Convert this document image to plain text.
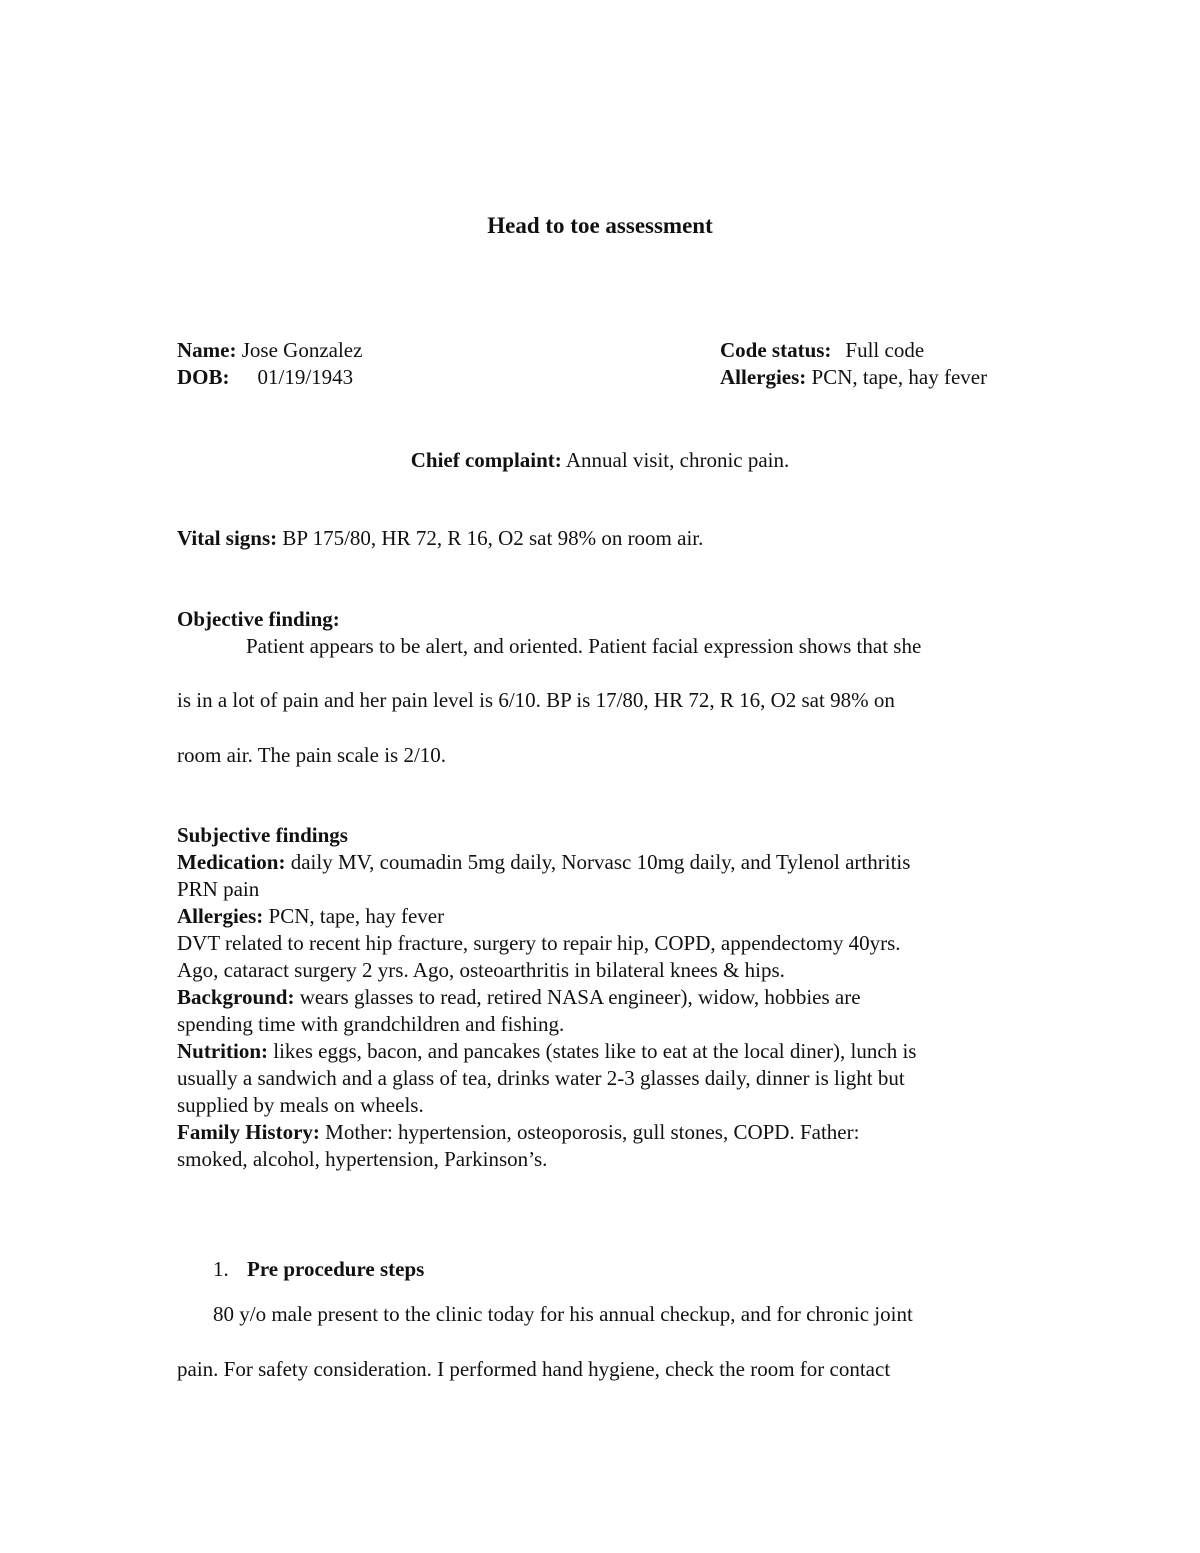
Head to toe assessment
Name: Jose Gonzalez
DOB: 01/19/1943
Code status: Full code
Allergies: PCN, tape, hay fever
Chief complaint: Annual visit, chronic pain.
Vital signs: BP 175/80, HR 72, R 16, O2 sat 98% on room air.
Objective finding:
Patient appears to be alert, and oriented. Patient facial expression shows that she
is in a lot of pain and her pain level is 6/10. BP is 17/80, HR 72, R 16, O2 sat 98% on
room air. The pain scale is 2/10.
Subjective findings
Medication: daily MV, coumadin 5mg daily, Norvasc 10mg daily, and Tylenol arthritis
PRN pain
Allergies: PCN, tape, hay fever
DVT related to recent hip fracture, surgery to repair hip, COPD, appendectomy 40yrs.
Ago, cataract surgery 2 yrs. Ago, osteoarthritis in bilateral knees & hips.
Background: wears glasses to read, retired NASA engineer), widow, hobbies are
spending time with grandchildren and fishing.
Nutrition: likes eggs, bacon, and pancakes (states like to eat at the local diner), lunch is
usually a sandwich and a glass of tea, drinks water 2-3 glasses daily, dinner is light but
supplied by meals on wheels.
Family History: Mother: hypertension, osteoporosis, gull stones, COPD. Father:
smoked, alcohol, hypertension, Parkinson’s.
1. Pre procedure steps
80 y/o male present to the clinic today for his annual checkup, and for chronic joint
pain. For safety consideration. I performed hand hygiene, check the room for contact
